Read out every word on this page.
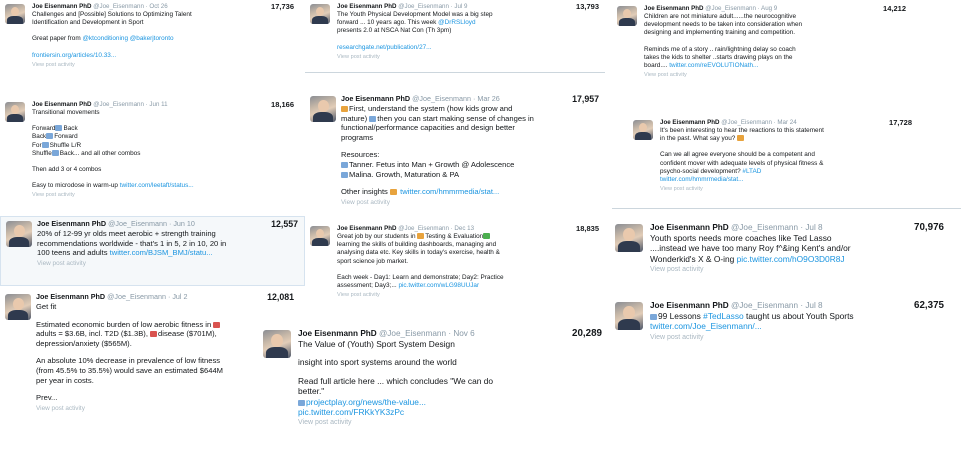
17,736
Joe Eisenmann PhD @Joe_Eisenmann · Oct 26

Challenges and [Possible] Solutions to Optimizing Talent

Identification and Development in Sport

Great paper from @ktconditioning @bakerjtoronto

frontiersin.org/articles/10.33...

View post activity
18,166
Joe Eisenmann PhD @Joe_Eisenmann · Jun 11

Transitional movements

Forward Back

Back Forward

For Shuffle L/R

Shuffle Back... and all other combos

Then add 3 or 4 combos

Easy to microdose in warm-up twitter.com/leetaft/status...

View post activity
12,557
Joe Eisenmann PhD @Joe_Eisenmann · Jun 10

20% of 12-99 yr olds meet aerobic + strength training

recommendations worldwide - that's 1 in 5, 2 in 10, 20 in

100 teens and adults twitter.com/BJSM_BMJ/statu...

View post activity
12,081
Joe Eisenmann PhD @Joe_Eisenmann · Jul 2

Get fit

Estimated economic burden of low aerobic fitness in

adults = $3.6B, incl. T2D ($1.3B), disease ($701M),

depression/anxiety ($565M).

An absolute 10% decrease in prevalence of low fitness

(from 45.5% to 35.5%) would save an estimated $644M

per year in costs.

Prev...

View post activity
13,793
Joe Eisenmann PhD @Joe_Eisenmann · Jul 9

The Youth Physical Development Model was a big step

forward ... 10 years ago. This week @DrRSLloyd

presents 2.0 at NSCA Nat Con (Th 3pm)

researchgate.net/publication/27...

View post activity
17,957
Joe Eisenmann PhD @Joe_Eisenmann · Mar 26

First, understand the system (how kids grow and

mature) then you can start making sense of changes in

functional/performance capacities and design better

programs

Resources:

Tanner. Fetus into Man + Growth @ Adolescence

Malina. Growth, Maturation & PA

Other insights  twitter.com/hmmrmedia/stat...

View post activity
18,835
Joe Eisenmann PhD @Joe_Eisenmann · Dec 13

Great job by our students in Testing & Evaluation

learning the skills of building dashboards, managing and

analysing data etc. Key skills in today's exercise, health &

sport science job market.

Each week - Day1: Learn and demonstrate; Day2: Practice

assessment; Day3;... pic.twitter.com/wLG98UUJar

View post activity
20,289
Joe Eisenmann PhD @Joe_Eisenmann · Nov 6

The Value of (Youth) Sport System Design

insight into sport systems around the world

Read full article here ... which concludes "We can do

better."

projectplay.org/news/the-value...

pic.twitter.com/FRKkYK3zPc

View post activity
14,212
Joe Eisenmann PhD @Joe_Eisenmann · Aug 9

Children are not miniature adult......the neurocognitive

development needs to be taken into consideration when

designing and implementing training and competition.

Reminds me of a story .. rain/lightning delay so coach

takes the kids to shelter ..starts drawing plays on the

board.... twitter.com/reEVOLUTIONath...

View post activity
17,728
Joe Eisenmann PhD @Joe_Eisenmann · Mar 24

It's been interesting to hear the reactions to this statement

in the past. What say you?

Can we all agree everyone should be a competent and

confident mover with adequate levels of physical fitness &

psycho-social development? #LTAD

twitter.com/hmmrmedia/stat...

View post activity
70,976
Joe Eisenmann PhD @Joe_Eisenmann · Jul 8

Youth sports needs more coaches like Ted Lasso

....instead we have too many Roy f^&ing Kent's and/or

Wonderkid's X & O-ing pic.twitter.com/hO9O3D0R8J

View post activity
62,375
Joe Eisenmann PhD @Joe_Eisenmann · Jul 8

99 Lessons #TedLasso taught us about Youth Sports

twitter.com/Joe_Eisenmann/...

View post activity
